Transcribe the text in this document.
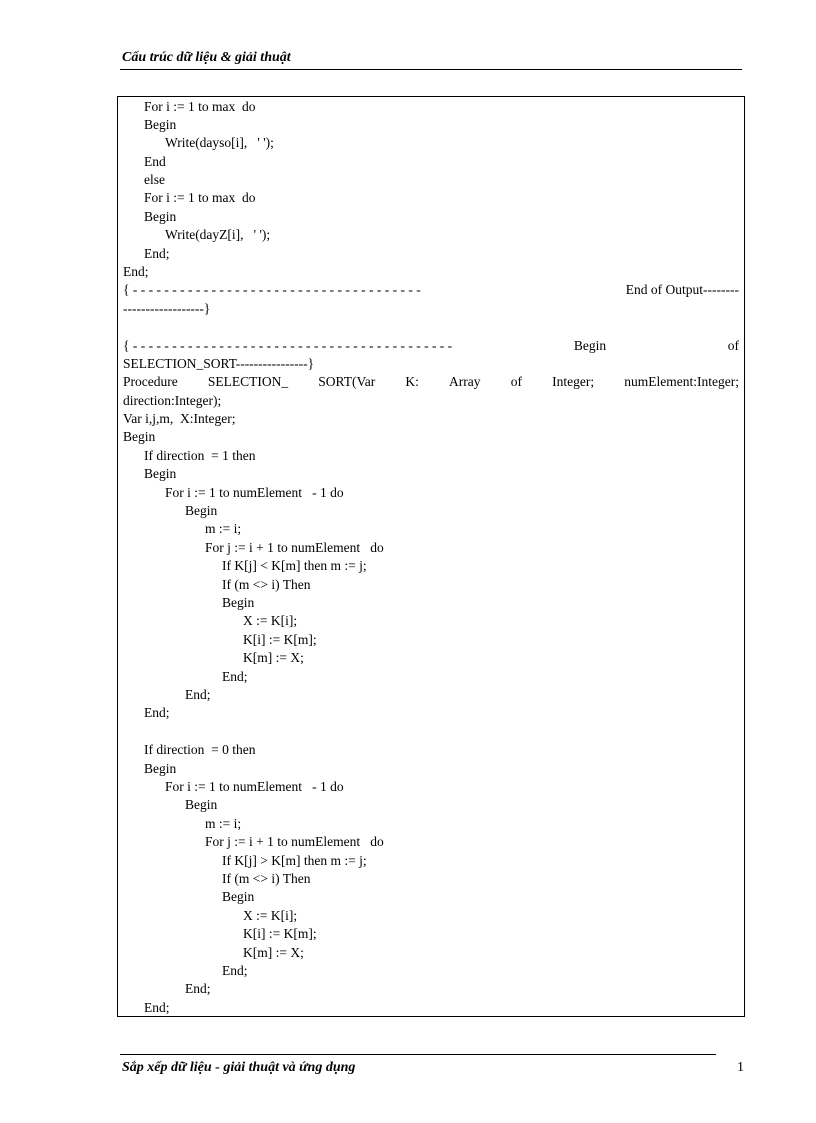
Cấu trúc dữ liệu & giải thuật
For i := 1 to max  do
Begin
Write(dayso[i],   ' ');
End
else
For i := 1 to max  do
Begin
Write(dayZ[i],   ' ');
End;
End;
{ - - - - - - - - - - - - - - - - - - - - - - - - - - - - - - - - - - - - -	End of Output--------
------------------}
{ - - - - - - - - - - - - - - - - - - - - - - - - - - - - - - - - - - - - - - - - -	Begin	of
SELECTION_SORT----------------}
Procedure SELECTION_ SORT(Var K: Array of Integer; numElement:Integer;
direction:Integer);
Var i,j,m,  X:Integer;
Begin
If direction  = 1 then
Begin
For i := 1 to numElement   - 1 do
Begin
m := i;
For j := i + 1 to numElement   do
If K[j] < K[m] then m := j;
If (m <> i) Then
Begin
X := K[i];
K[i] := K[m];
K[m] := X;
End;
End;
End;
If direction  = 0 then
Begin
For i := 1 to numElement   - 1 do
Begin
m := i;
For j := i + 1 to numElement   do
If K[j] > K[m] then m := j;
If (m <> i) Then
Begin
X := K[i];
K[i] := K[m];
K[m] := X;
End;
End;
End;
Sắp xếp dữ liệu - giải thuật và ứng dụng	1
